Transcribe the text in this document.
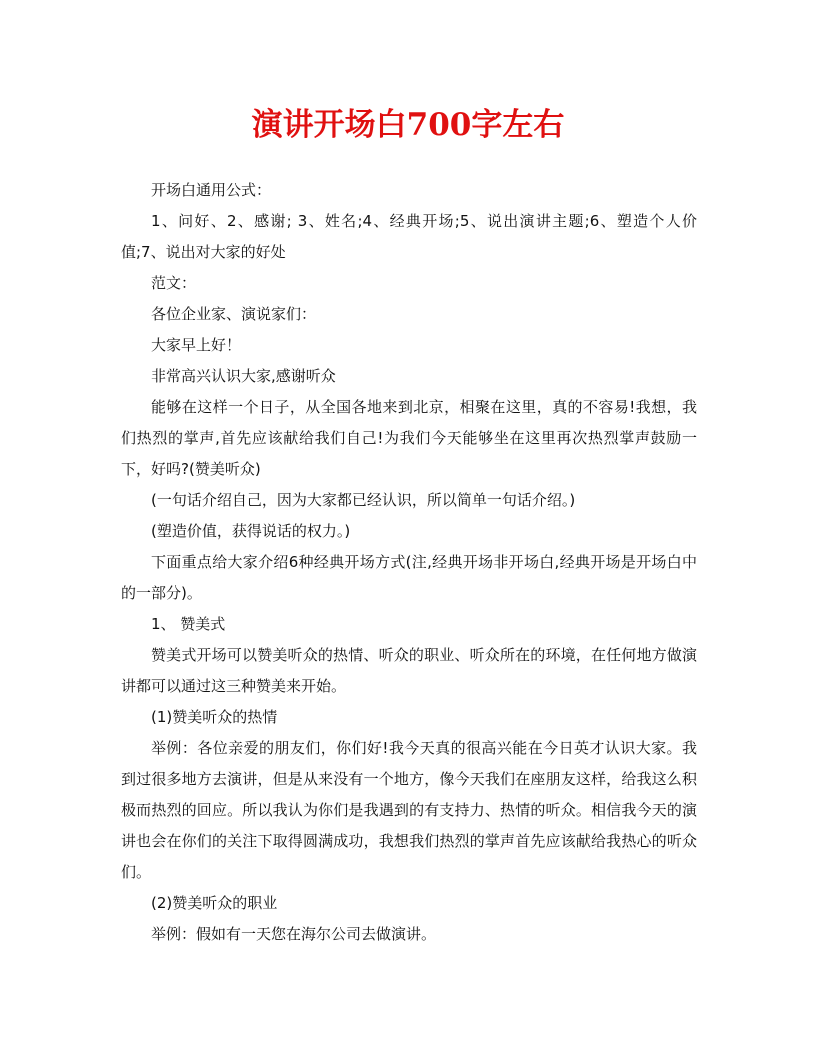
演讲开场白700字左右

开场白通用公式：

1、问好、2、感谢; 3、姓名;4、经典开场;5、说出演讲主题;6、塑造个人价值;7、说出对大家的好处

范文：

各位企业家、演说家们：

大家早上好！

非常高兴认识大家,感谢听众

能够在这样一个日子，从全国各地来到北京，相聚在这里，真的不容易!我想，我们热烈的掌声,首先应该献给我们自己!为我们今天能够坐在这里再次热烈掌声鼓励一下，好吗?(赞美听众)

(一句话介绍自己，因为大家都已经认识，所以简单一句话介绍。)

(塑造价值，获得说话的权力。)

下面重点给大家介绍6种经典开场方式(注,经典开场非开场白,经典开场是开场白中的一部分)。

1、 赞美式

赞美式开场可以赞美听众的热情、听众的职业、听众所在的环境，在任何地方做演讲都可以通过这三种赞美来开始。

(1)赞美听众的热情

举例：各位亲爱的朋友们，你们好!我今天真的很高兴能在今日英才认识大家。我到过很多地方去演讲，但是从来没有一个地方，像今天我们在座朋友这样，给我这么积极而热烈的回应。所以我认为你们是我遇到的有支持力、热情的听众。相信我今天的演讲也会在你们的关注下取得圆满成功，我想我们热烈的掌声首先应该献给我热心的听众们。

(2)赞美听众的职业

举例：假如有一天您在海尔公司去做演讲。
